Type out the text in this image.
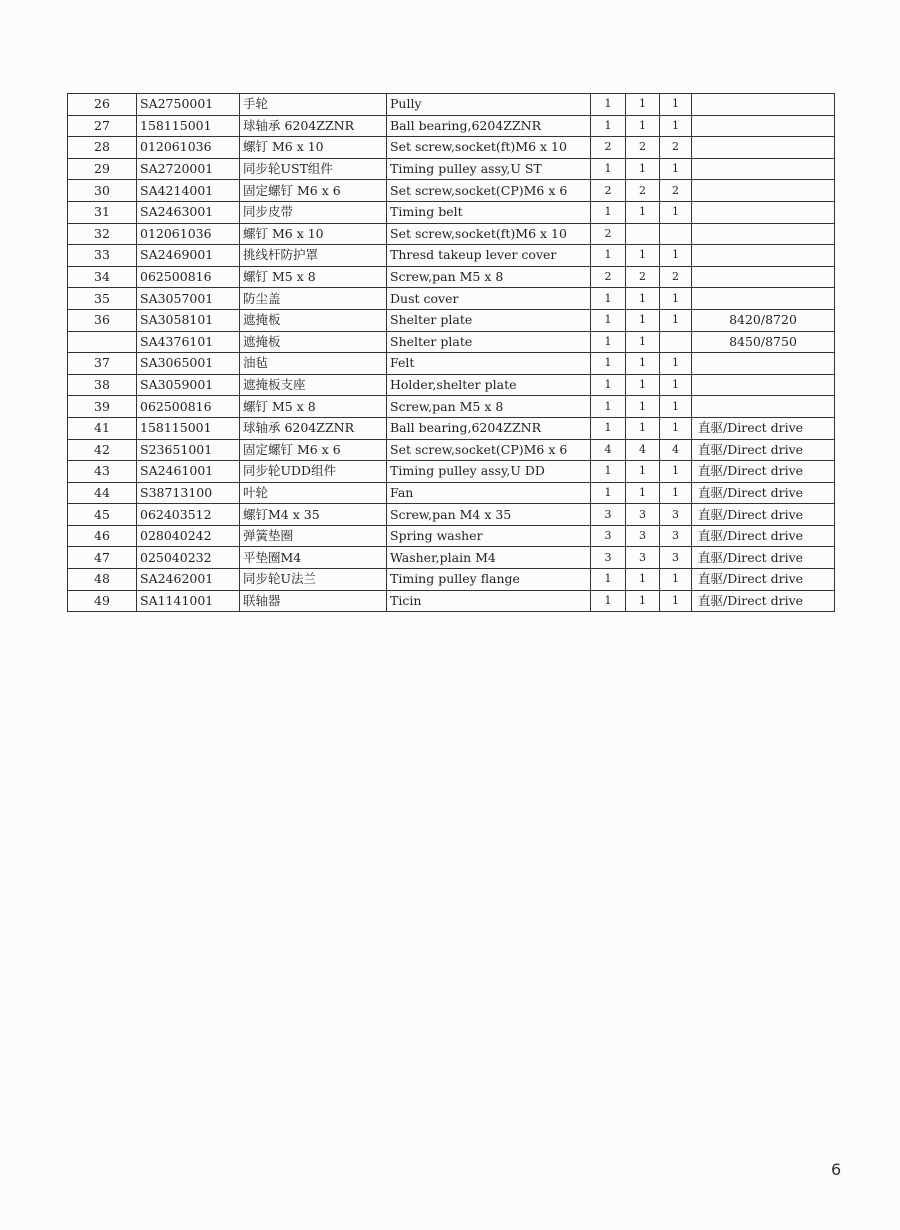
26	SA2750001	手轮	Pully	1	1	1	
27	158115001	球轴承 6204ZZNR	Ball bearing,6204ZZNR	1	1	1	
28	012061036	螺钉 M6 x 10	Set screw,socket(ft)M6 x 10	2	2	2	
29	SA2720001	同步轮UST组件	Timing pulley assy,U ST	1	1	1	
30	SA4214001	固定螺钉 M6 x 6	Set screw,socket(CP)M6 x 6	2	2	2	
31	SA2463001	同步皮带	Timing belt	1	1	1	
32	012061036	螺钉 M6 x 10	Set screw,socket(ft)M6 x 10	2			
33	SA2469001	挑线杆防护罩	Thresd takeup lever cover	1	1	1	
34	062500816	螺钉 M5 x 8	Screw,pan M5 x 8	2	2	2	
35	SA3057001	防尘盖	Dust cover	1	1	1	
36	SA3058101	遮掩板	Shelter plate	1	1	1	8420/8720
	SA4376101	遮掩板	Shelter plate	1	1		8450/8750
37	SA3065001	油毡	Felt	1	1	1	
38	SA3059001	遮掩板支座	Holder,shelter plate	1	1	1	
39	062500816	螺钉 M5 x 8	Screw,pan M5 x 8	1	1	1	
41	158115001	球轴承 6204ZZNR	Ball bearing,6204ZZNR	1	1	1	直驱/Direct drive
42	S23651001	固定螺钉 M6 x 6	Set screw,socket(CP)M6 x 6	4	4	4	直驱/Direct drive
43	SA2461001	同步轮UDD组件	Timing pulley assy,U DD	1	1	1	直驱/Direct drive
44	S38713100	叶轮	Fan	1	1	1	直驱/Direct drive
45	062403512	螺钉M4 x 35	Screw,pan M4 x 35	3	3	3	直驱/Direct drive
46	028040242	弹簧垫圈	Spring washer	3	3	3	直驱/Direct drive
47	025040232	平垫圈M4	Washer,plain M4	3	3	3	直驱/Direct drive
48	SA2462001	同步轮U法兰	Timing pulley flange	1	1	1	直驱/Direct drive
49	SA1141001	联轴器	Ticin	1	1	1	直驱/Direct drive
6
